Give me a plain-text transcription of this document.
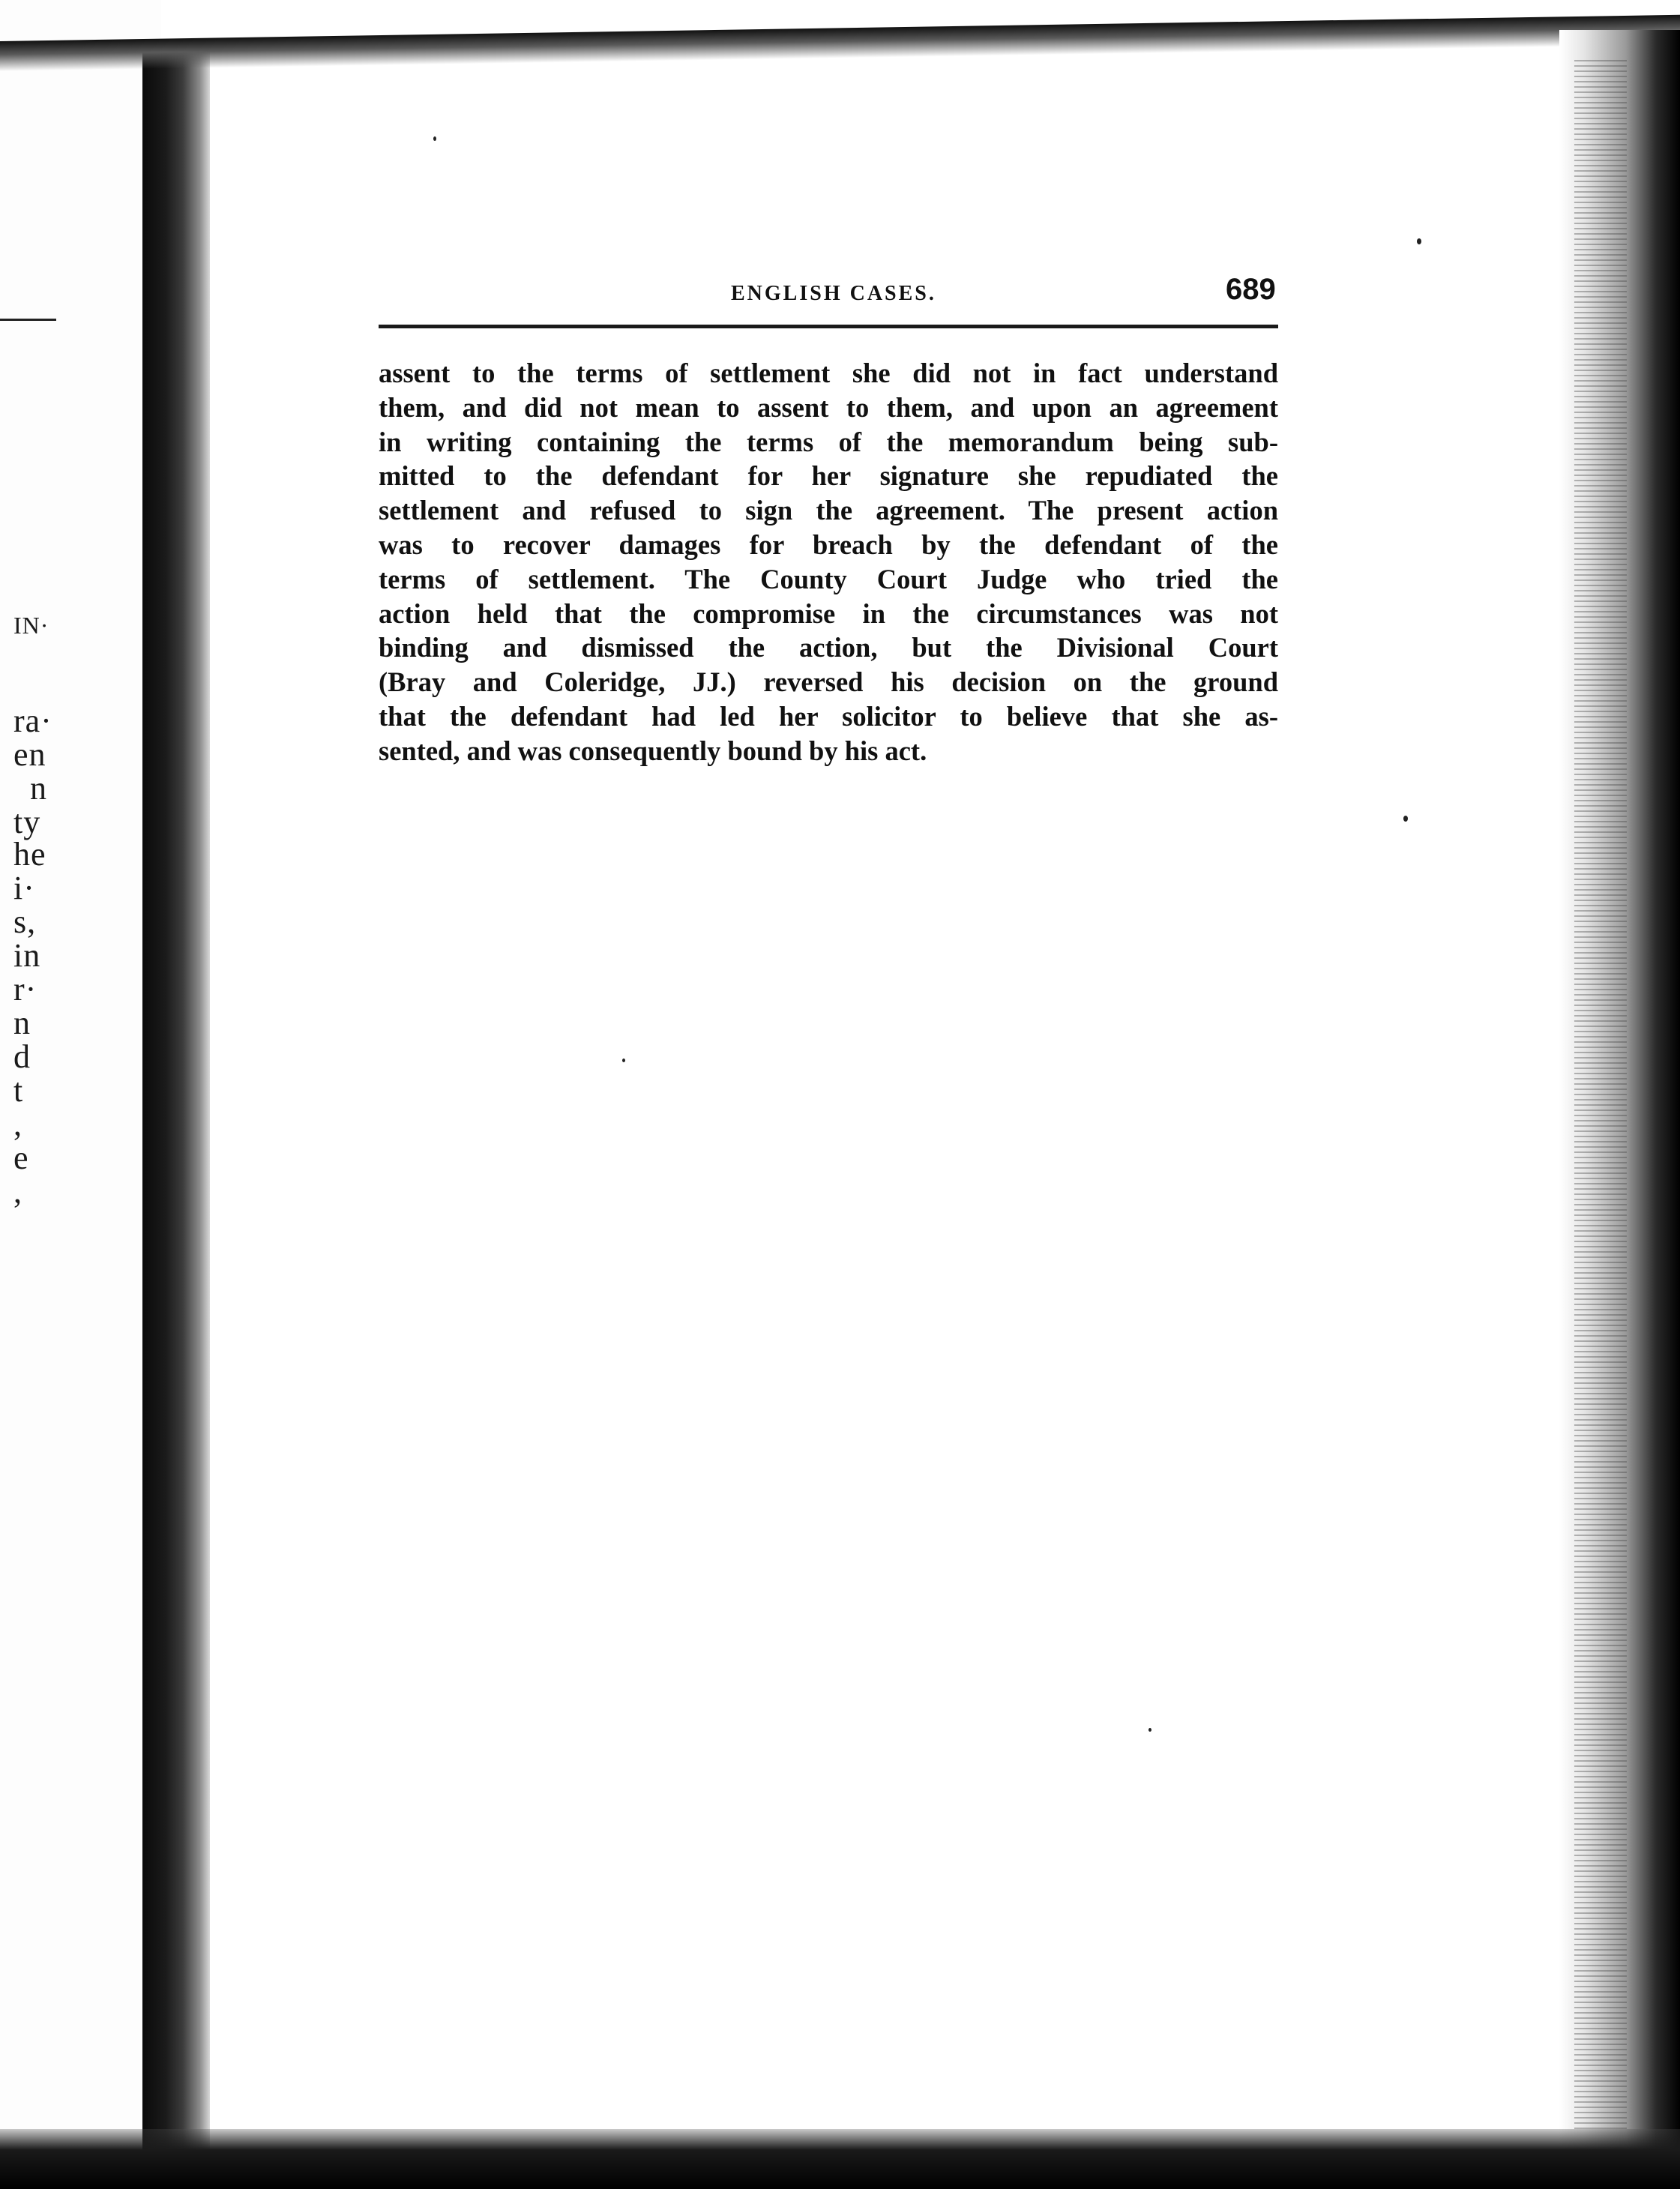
IN·
ra·
en
n
ty
he
i·
s,
in
r·
n
d
t
,
e
,
ENGLISH CASES.	689
assent to the terms of settlement she did not in fact understand
them, and did not mean to assent to them, and upon an agreement
in writing containing the terms of the memorandum being sub-
mitted to the defendant for her signature she repudiated the
settlement and refused to sign the agreement. The present action
was to recover damages for breach by the defendant of the
terms of settlement. The County Court Judge who tried the
action held that the compromise in the circumstances was not
binding and dismissed the action, but the Divisional Court
(Bray and Coleridge, JJ.) reversed his decision on the ground
that the defendant had led her solicitor to believe that she as-
sented, and was consequently bound by his act.
